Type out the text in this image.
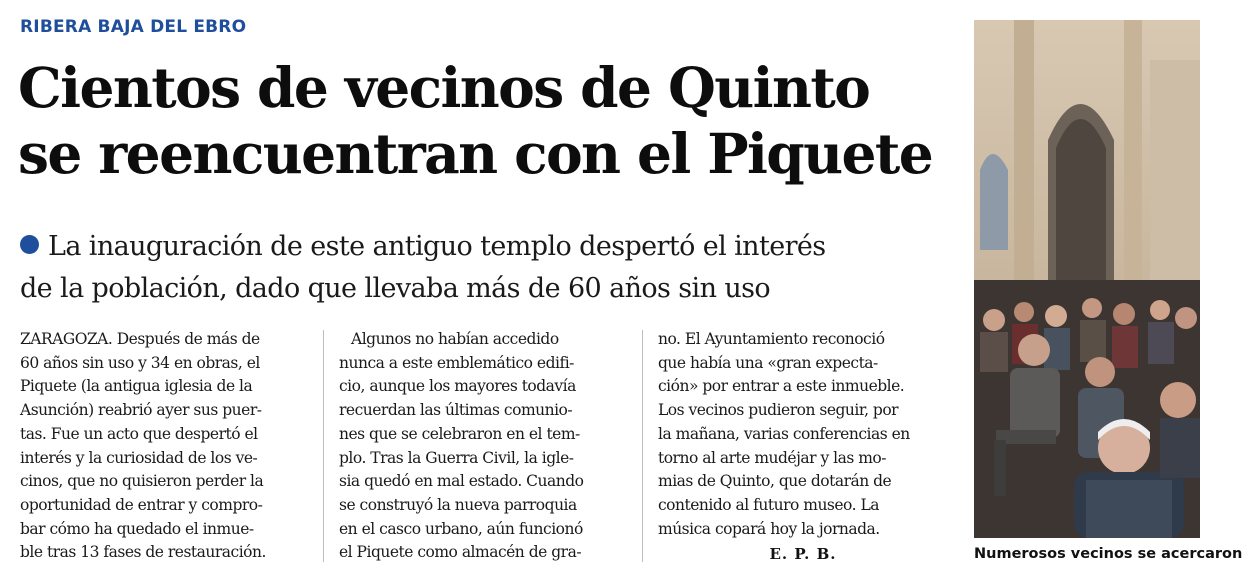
RIBERA BAJA DEL EBRO
Cientos de vecinos de Quinto
se reencuentran con el Piquete
La inauguración de este antiguo templo despertó el interés
de la población, dado que llevaba más de 60 años sin uso
ZARAGOZA. Después de más de
60 años sin uso y 34 en obras, el
Piquete (la antigua iglesia de la
Asunción) reabrió ayer sus puer-
tas. Fue un acto que despertó el
interés y la curiosidad de los ve-
cinos, que no quisieron perder la
oportunidad de entrar y compro-
bar cómo ha quedado el inmue-
ble tras 13 fases de restauración.
Algunos no habían accedido
nunca a este emblemático edifi-
cio, aunque los mayores todavía
recuerdan las últimas comunio-
nes que se celebraron en el tem-
plo. Tras la Guerra Civil, la igle-
sia quedó en mal estado. Cuando
se construyó la nueva parroquia
en el casco urbano, aún funcionó
el Piquete como almacén de gra-
no. El Ayuntamiento reconoció
que había una «gran expecta-
ción» por entrar a este inmueble.
Los vecinos pudieron seguir, por
la mañana, varias conferencias en
torno al arte mudéjar y las mo-
mias de Quinto, que dotarán de
contenido al futuro museo. La
música copará hoy la jornada.
E. P. B.	Numerosos vecinos se acercaron
